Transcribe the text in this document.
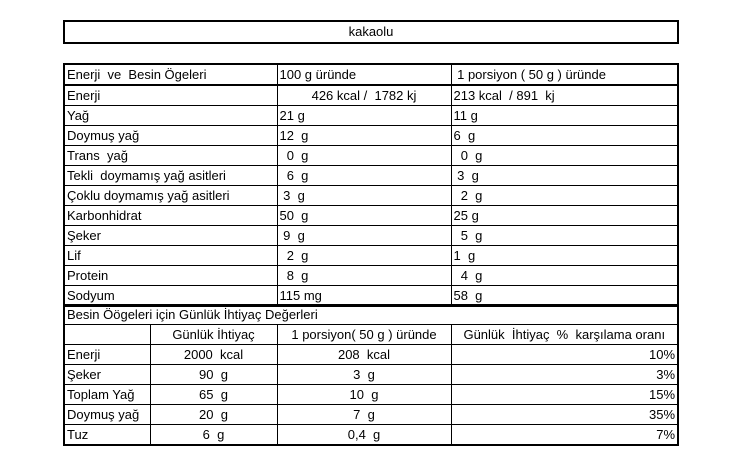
kakaolu
Enerji  ve  Besin Ögeleri	100 g üründe	1 porsiyon ( 50 g ) üründe
Enerji	426 kcal /  1782 kj	213 kcal  / 891  kj
Yağ	21 g	11 g
Doymuş yağ	12  g	6  g
Trans  yağ	0  g	0  g
Tekli  doymamış yağ asitleri	6  g	3  g
Çoklu doymamış yağ asitleri	3  g	2  g
Karbonhidrat	50  g	25 g
Şeker	9  g	5  g
Lif	2  g	1  g
Protein	8  g	4  g
Sodyum	115 mg	58  g
Besin Öögeleri için Günlük İhtiyaç Değerleri			
	Günlük İhtiyaç	1 porsiyon( 50 g ) üründe	Günlük  İhtiyaç  %  karşılama oranı
Enerji	2000  kcal	208  kcal	10%
Şeker	90  g	3  g	3%
Toplam Yağ	65  g	10  g	15%
Doymuş yağ	20  g	7  g	35%
Tuz	6  g	0,4  g	7%
